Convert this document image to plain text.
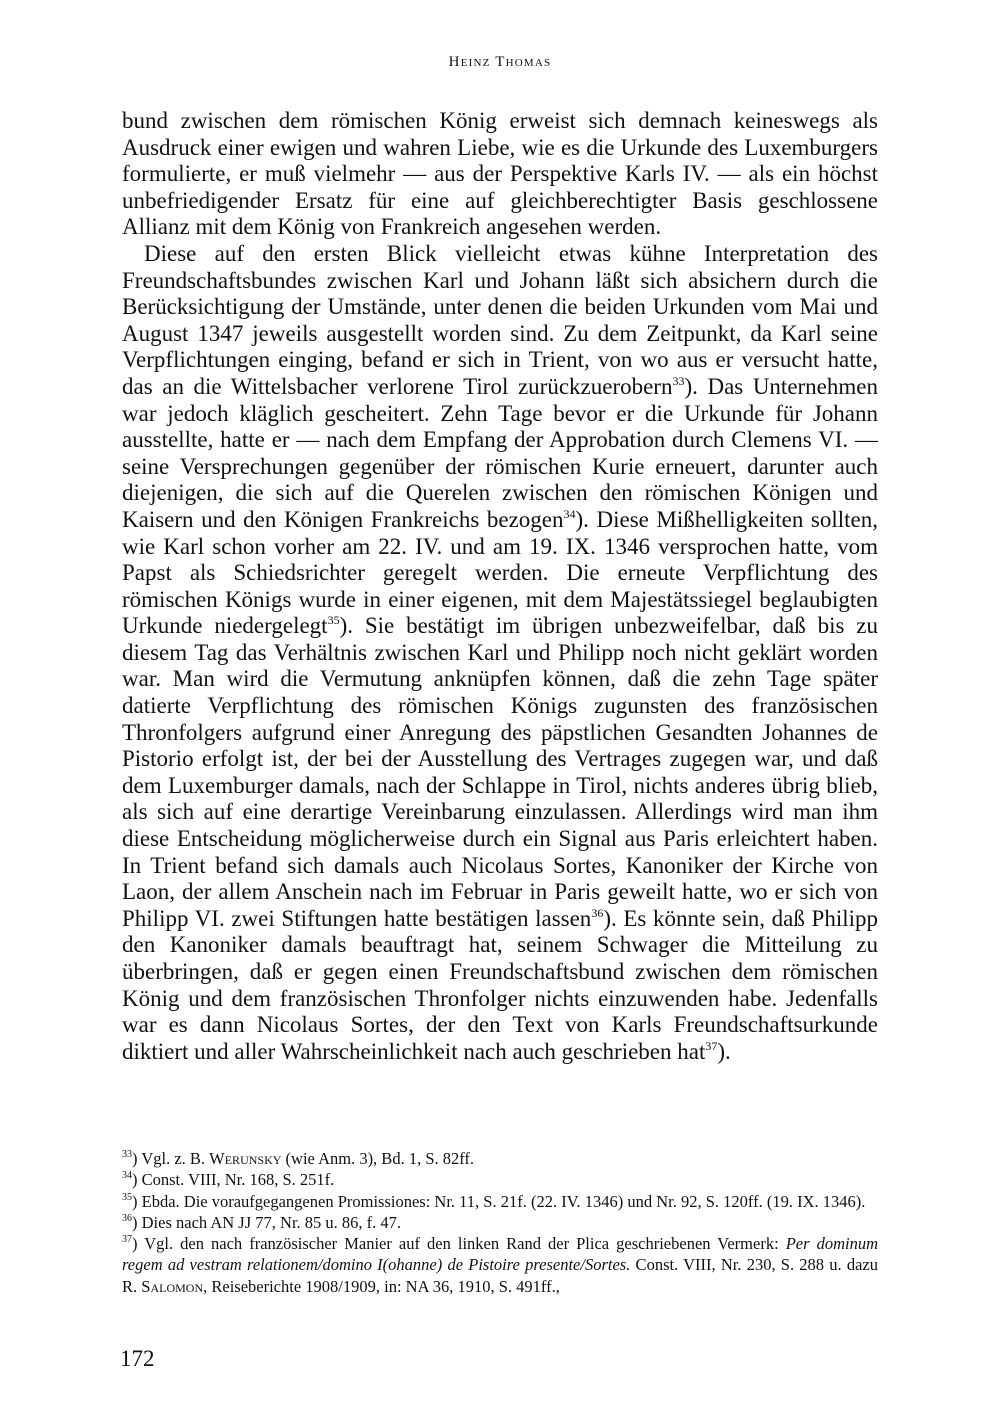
Heinz Thomas

bund zwischen dem römischen König erweist sich demnach keineswegs als Ausdruck einer ewigen und wahren Liebe, wie es die Urkunde des Luxemburgers formulierte, er muß vielmehr — aus der Perspektive Karls IV. — als ein höchst unbefriedigender Ersatz für eine auf gleichberechtigter Basis geschlossene Allianz mit dem König von Frankreich angesehen werden.

Diese auf den ersten Blick vielleicht etwas kühne Interpretation des Freundschaftsbundes zwischen Karl und Johann läßt sich absichern durch die Berücksichtigung der Umstände, unter denen die beiden Urkunden vom Mai und August 1347 jeweils ausgestellt worden sind. Zu dem Zeitpunkt, da Karl seine Verpflichtungen einging, befand er sich in Trient, von wo aus er versucht hatte, das an die Wittelsbacher verlorene Tirol zurückzuerobern$^{33}$). Das Unternehmen war jedoch kläglich gescheitert. Zehn Tage bevor er die Urkunde für Johann ausstellte, hatte er — nach dem Empfang der Approbation durch Clemens VI. — seine Versprechungen gegenüber der römischen Kurie erneuert, darunter auch diejenigen, die sich auf die Querelen zwischen den römischen Königen und Kaisern und den Königen Frankreichs bezogen$^{34}$). Diese Mißhelligkeiten sollten, wie Karl schon vorher am 22. IV. und am 19. IX. 1346 versprochen hatte, vom Papst als Schiedsrichter geregelt werden. Die erneute Verpflichtung des römischen Königs wurde in einer eigenen, mit dem Majestätssiegel beglaubigten Urkunde niedergelegt$^{35}$). Sie bestätigt im übrigen unbezweifelbar, daß bis zu diesem Tag das Verhältnis zwischen Karl und Philipp noch nicht geklärt worden war. Man wird die Vermutung anknüpfen können, daß die zehn Tage später datierte Verpflichtung des römischen Königs zugunsten des französischen Thronfolgers aufgrund einer Anregung des päpstlichen Gesandten Johannes de Pistorio erfolgt ist, der bei der Ausstellung des Vertrages zugegen war, und daß dem Luxemburger damals, nach der Schlappe in Tirol, nichts anderes übrig blieb, als sich auf eine derartige Vereinbarung einzulassen. Allerdings wird man ihm diese Entscheidung möglicherweise durch ein Signal aus Paris erleichtert haben. In Trient befand sich damals auch Nicolaus Sortes, Kanoniker der Kirche von Laon, der allem Anschein nach im Februar in Paris geweilt hatte, wo er sich von Philipp VI. zwei Stiftungen hatte bestätigen lassen$^{36}$). Es könnte sein, daß Philipp den Kanoniker damals beauftragt hat, seinem Schwager die Mitteilung zu überbringen, daß er gegen einen Freundschaftsbund zwischen dem römischen König und dem französischen Thronfolger nichts einzuwenden habe. Jedenfalls war es dann Nicolaus Sortes, der den Text von Karls Freundschaftsurkunde diktiert und aller Wahrscheinlichkeit nach auch geschrieben hat$^{37}$).

$^{33}$) Vgl. z. B. Werunsky (wie Anm. 3), Bd. 1, S. 82ff.

$^{34}$) Const. VIII, Nr. 168, S. 251f.

$^{35}$) Ebda. Die voraufgegangenen Promissiones: Nr. 11, S. 21f. (22. IV. 1346) und Nr. 92, S. 120ff. (19. IX. 1346).

$^{36}$) Dies nach AN JJ 77, Nr. 85 u. 86, f. 47.

$^{37}$) Vgl. den nach französischer Manier auf den linken Rand der Plica geschriebenen Vermerk: Per dominum regem ad vestram relationem/domino I(ohanne) de Pistoire presente/Sortes. Const. VIII, Nr. 230, S. 288 u. dazu R. Salomon, Reiseberichte 1908/1909, in: NA 36, 1910, S. 491ff.,

172
